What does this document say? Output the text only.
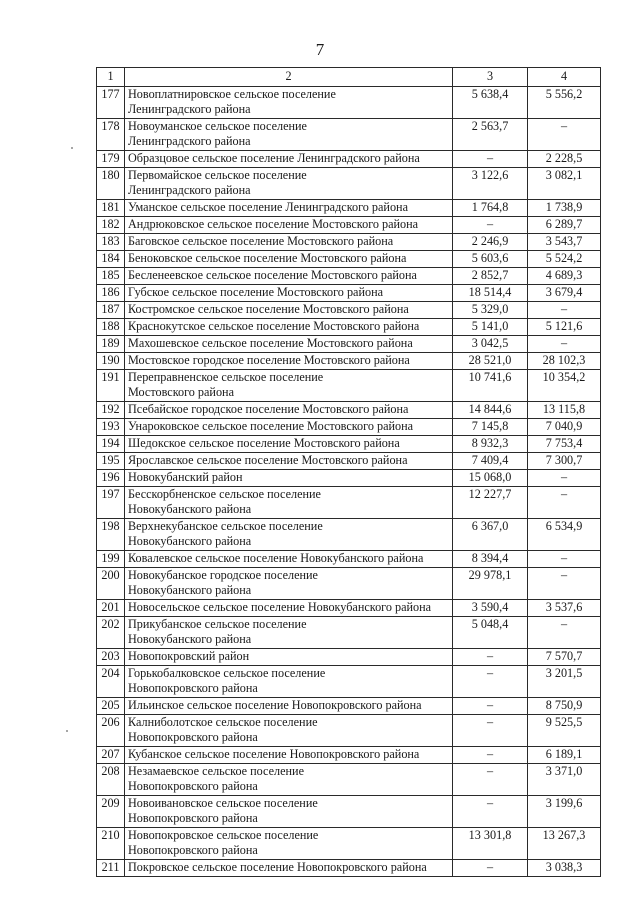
7
1	2	3	4
177	Новоплатнировское сельское поселение
Ленинградского района	5 638,4	5 556,2
178	Новоуманское сельское поселение
Ленинградского района	2 563,7	–
179	Образцовое сельское поселение Ленинградского района	–	2 228,5
180	Первомайское сельское поселение
Ленинградского района	3 122,6	3 082,1
181	Уманское сельское поселение Ленинградского района	1 764,8	1 738,9
182	Андрюковское сельское поселение Мостовского района	–	6 289,7
183	Баговское сельское поселение Мостовского района	2 246,9	3 543,7
184	Беноковское сельское поселение Мостовского района	5 603,6	5 524,2
185	Бесленеевское сельское поселение Мостовского района	2 852,7	4 689,3
186	Губское сельское поселение Мостовского района	18 514,4	3 679,4
187	Костромское сельское поселение Мостовского района	5 329,0	–
188	Краснокутское сельское поселение Мостовского района	5 141,0	5 121,6
189	Махошевское сельское поселение Мостовского района	3 042,5	–
190	Мостовское городское поселение Мостовского района	28 521,0	28 102,3
191	Переправненское сельское поселение
Мостовского района	10 741,6	10 354,2
192	Псебайское городское поселение Мостовского района	14 844,6	13 115,8
193	Унароковское сельское поселение Мостовского района	7 145,8	7 040,9
194	Шедокское сельское поселение Мостовского района	8 932,3	7 753,4
195	Ярославское сельское поселение Мостовского района	7 409,4	7 300,7
196	Новокубанский район	15 068,0	–
197	Бесскорбненское сельское поселение
Новокубанского района	12 227,7	–
198	Верхнекубанское сельское поселение
Новокубанского района	6 367,0	6 534,9
199	Ковалевское сельское поселение Новокубанского района	8 394,4	–
200	Новокубанское городское поселение
Новокубанского района	29 978,1	–
201	Новосельское сельское поселение Новокубанского района	3 590,4	3 537,6
202	Прикубанское сельское поселение
Новокубанского района	5 048,4	–
203	Новопокровский район	–	7 570,7
204	Горькобалковское сельское поселение
Новопокровского района	–	3 201,5
205	Ильинское сельское поселение Новопокровского района	–	8 750,9
206	Калниболотское сельское поселение
Новопокровского района	–	9 525,5
207	Кубанское сельское поселение Новопокровского района	–	6 189,1
208	Незамаевское сельское поселение
Новопокровского района	–	3 371,0
209	Новоивановское сельское поселение
Новопокровского района	–	3 199,6
210	Новопокровское сельское поселение
Новопокровского района	13 301,8	13 267,3
211	Покровское сельское поселение Новопокровского района	–	3 038,3
